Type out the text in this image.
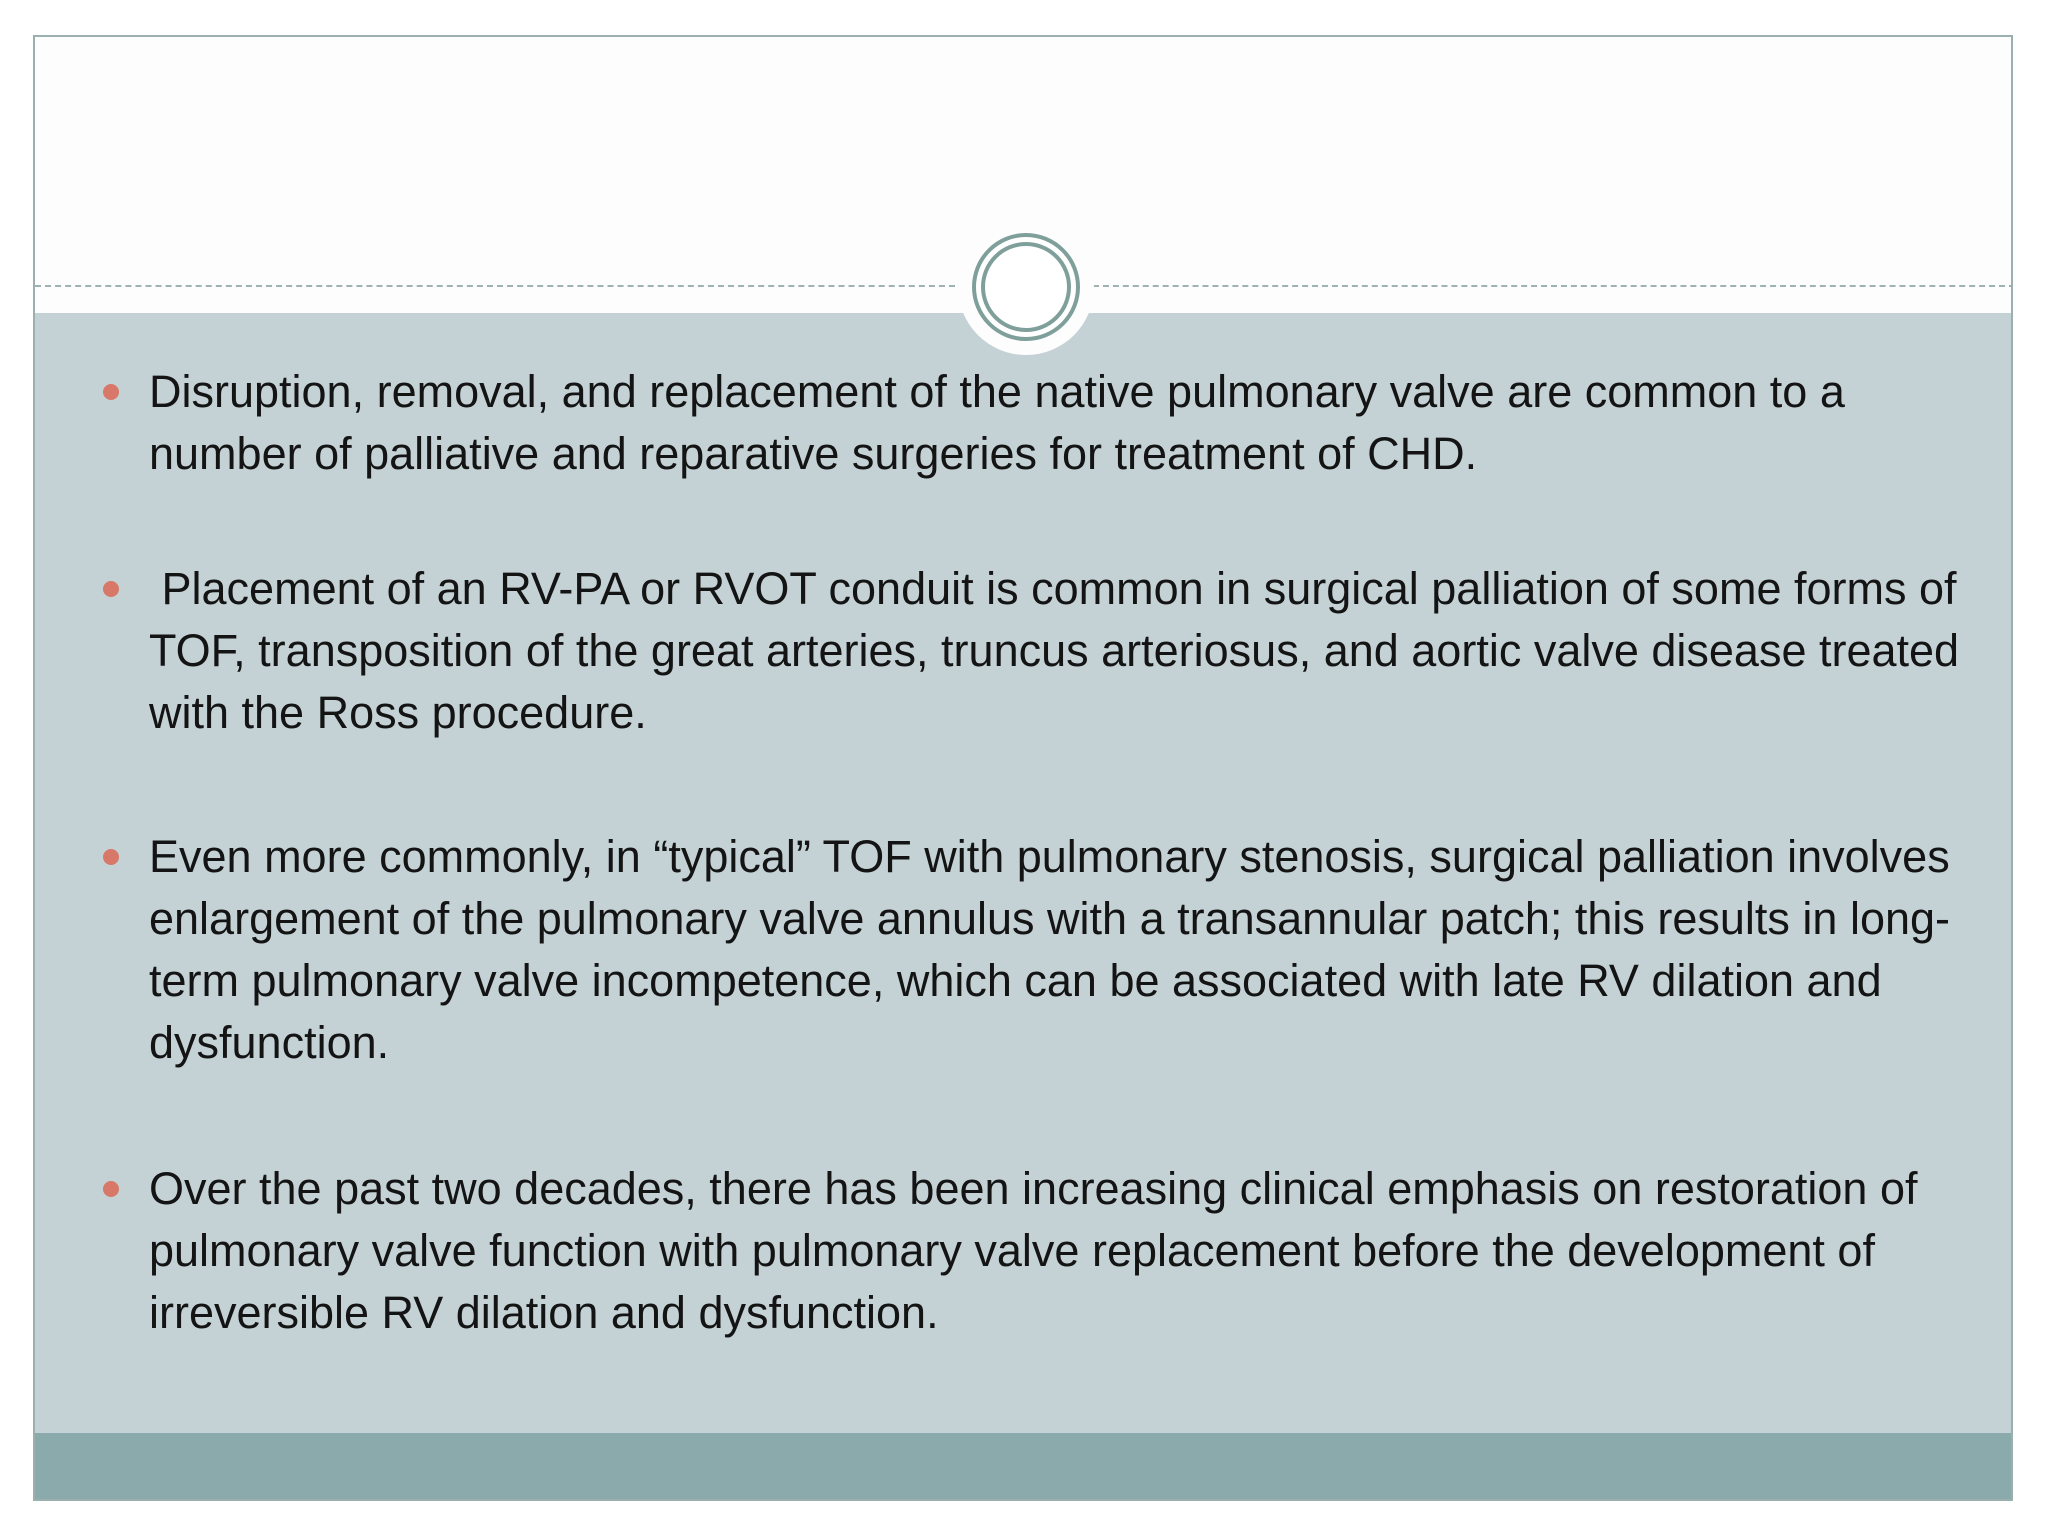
Disruption, removal, and replacement of the native pulmonary valve are common to a number of palliative and reparative surgeries for treatment of CHD.
Placement of an RV-PA or RVOT conduit is common in surgical palliation of some forms of TOF, transposition of the great arteries, truncus arteriosus, and aortic valve disease treated with the Ross procedure.
Even more commonly, in “typical” TOF with pulmonary stenosis, surgical palliation involves enlargement of the pulmonary valve annulus with a transannular patch; this results in long-term pulmonary valve incompetence, which can be associated with late RV dilation and dysfunction.
Over the past two decades, there has been increasing clinical emphasis on restoration of pulmonary valve function with pulmonary valve replacement before the development of irreversible RV dilation and dysfunction.
